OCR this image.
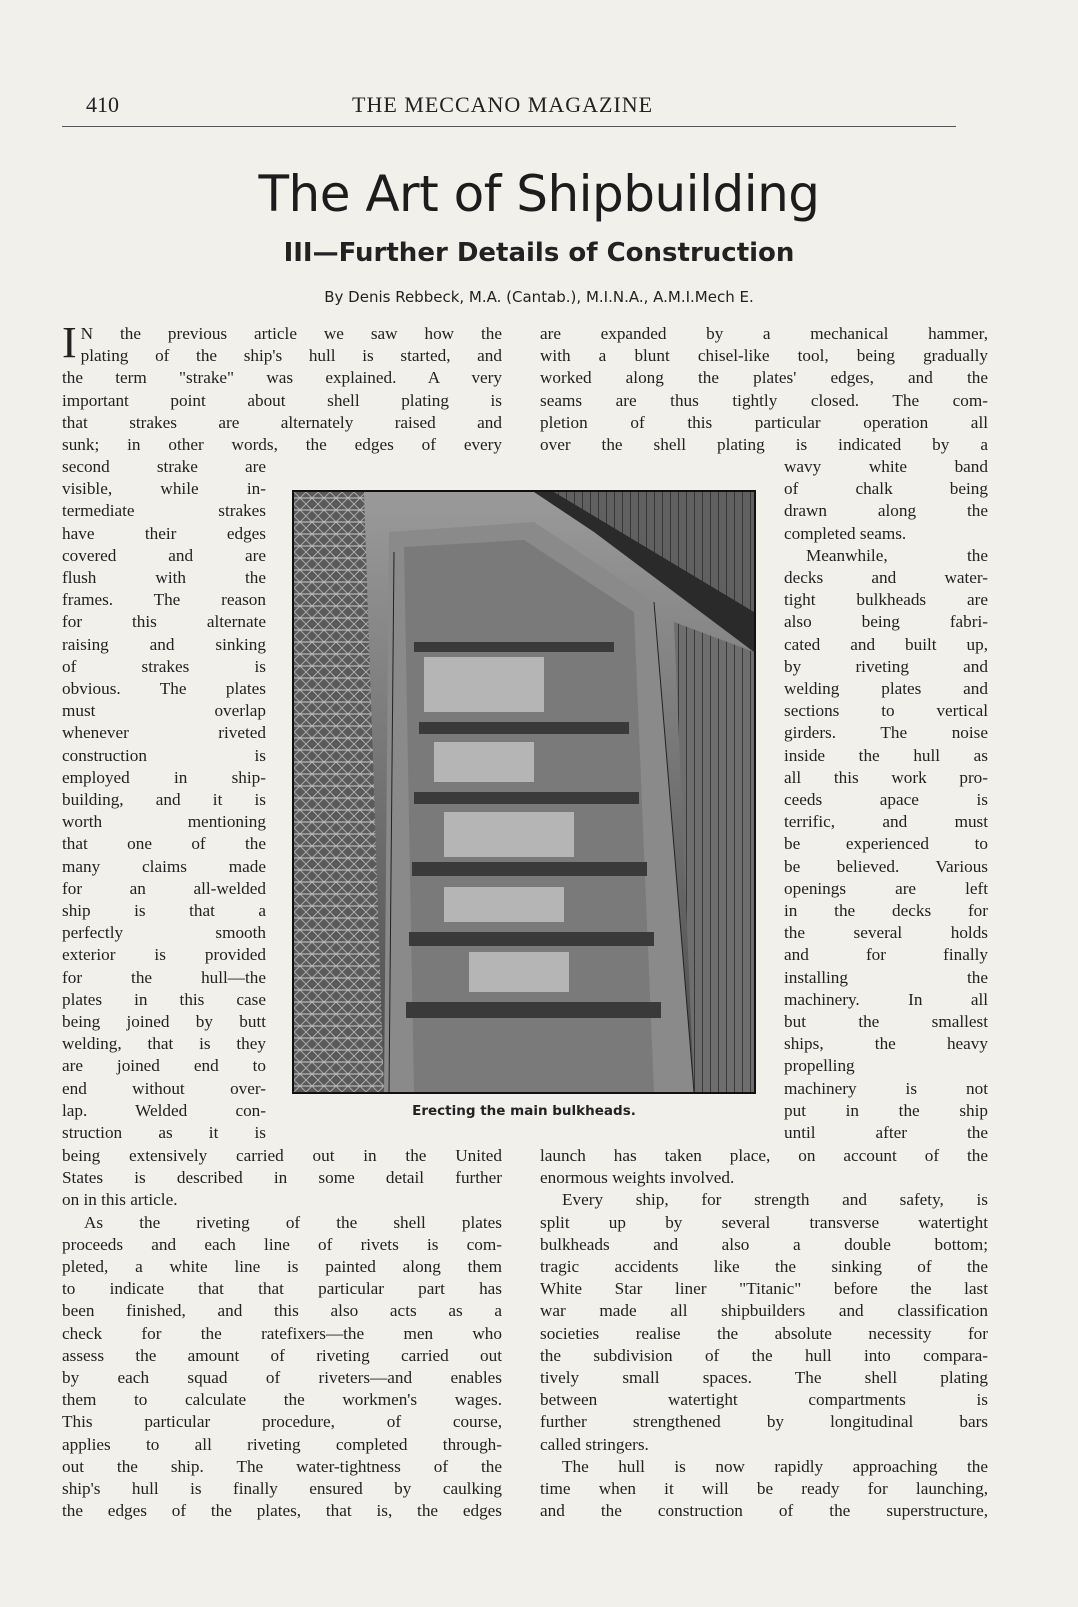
410	THE MECCANO MAGAZINE
The Art of Shipbuilding
III—Further Details of Construction
By Denis Rebbeck, M.A. (Cantab.), M.I.N.A., A.M.I.Mech E.

I N the previous article we saw how the

plating of the ship's hull is started, and

the term "strake" was explained. A very

important point about shell plating is

that strakes are alternately raised and

sunk; in other words, the edges of every

second strake are

visible, while in-

termediate strakes

have their edges

covered and are

flush with the

frames. The reason

for this alternate

raising and sinking

of strakes is

obvious. The plates

must overlap

whenever riveted

construction is

employed in ship-

building, and it is

worth mentioning

that one of the

many claims made

for an all-welded

ship is that a

perfectly smooth

exterior is provided

for the hull—the

plates in this case

being joined by butt

welding, that is they

are joined end to

end without over-

lap. Welded con-

struction as it is

being extensively carried out in the United

States is described in some detail further

on in this article.

As the riveting of the shell plates

proceeds and each line of rivets is com-

pleted, a white line is painted along them

to indicate that that particular part has

been finished, and this also acts as a

check for the ratefixers—the men who

assess the amount of riveting carried out

by each squad of riveters—and enables

them to calculate the workmen's wages.

This particular procedure, of course,

applies to all riveting completed through-

out the ship. The water-tightness of the

ship's hull is finally ensured by caulking

the edges of the plates, that is, the edges

are expanded by a mechanical hammer,

with a blunt chisel-like tool, being gradually

worked along the plates' edges, and the

seams are thus tightly closed. The com-

pletion of this particular operation all

over the shell plating is indicated by a

wavy white band

of chalk being

drawn along the

completed seams.

Meanwhile, the

decks and water-

tight bulkheads are

also being fabri-

cated and built up,

by riveting and

welding plates and

sections to vertical

girders. The noise

inside the hull as

all this work pro-

ceeds apace is

terrific, and must

be experienced to

be believed. Various

openings are left

in the decks for

the several holds

and for finally

installing the

machinery. In all

but the smallest

ships, the heavy

propelling

machinery is not

put in the ship

until after the

launch has taken place, on account of the

enormous weights involved.

Every ship, for strength and safety, is

split up by several transverse watertight

bulkheads and also a double bottom;

tragic accidents like the sinking of the

White Star liner "Titanic" before the last

war made all shipbuilders and classification

societies realise the absolute necessity for

the subdivision of the hull into compara-

tively small spaces. The shell plating

between watertight compartments is

further strengthened by longitudinal bars

called stringers.

The hull is now rapidly approaching the

time when it will be ready for launching,

and the construction of the superstructure,

Erecting the main bulkheads.
